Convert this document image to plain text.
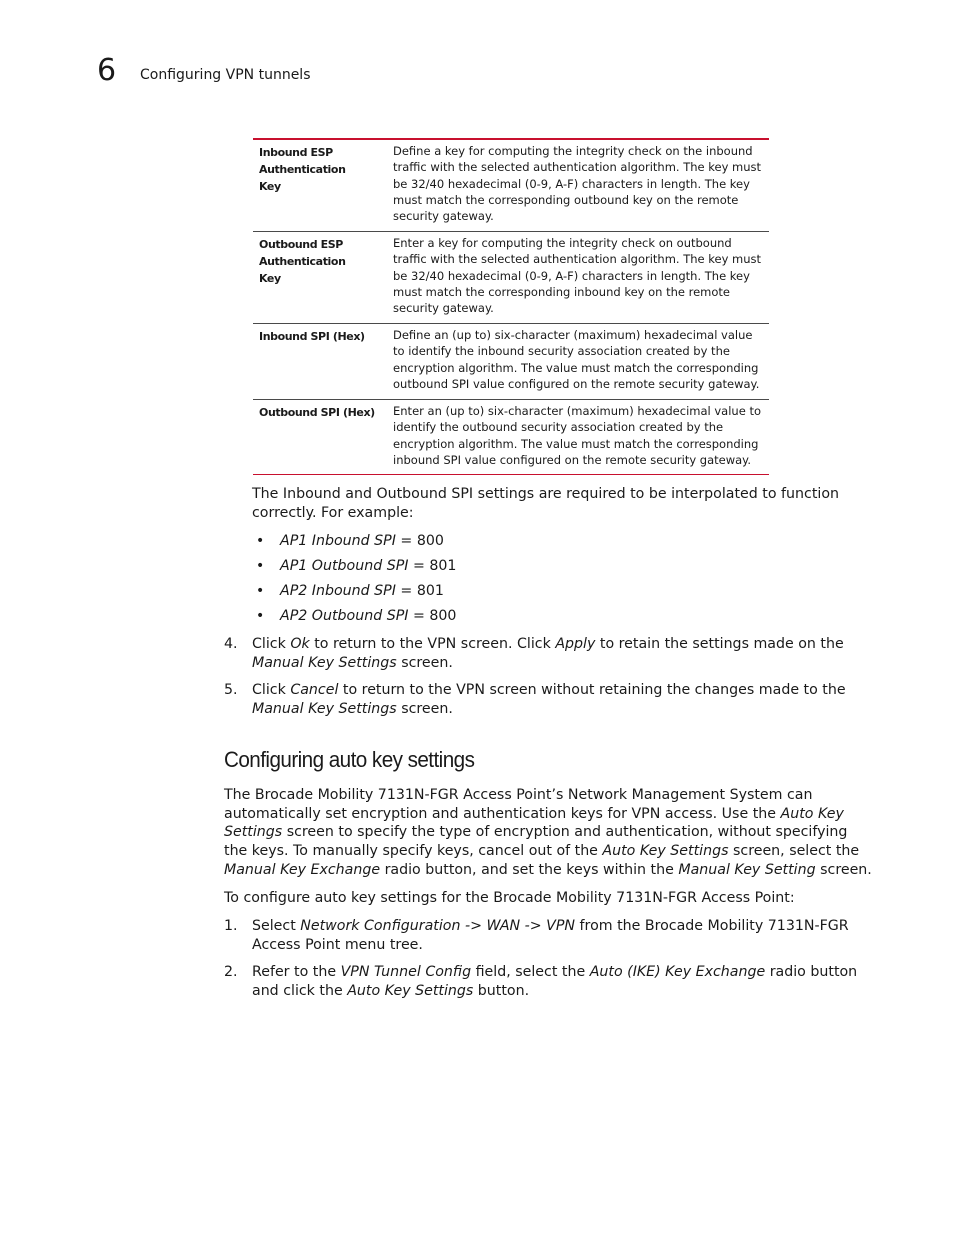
6 Configuring VPN tunnels
Inbound ESP Authentication Key
Define a key for computing the integrity check on the inbound traffic with the selected authentication algorithm. The key must be 32/40 hexadecimal (0-9, A-F) characters in length. The key must match the corresponding outbound key on the remote security gateway.
Outbound ESP Authentication Key
Enter a key for computing the integrity check on outbound traffic with the selected authentication algorithm. The key must be 32/40 hexadecimal (0-9, A-F) characters in length. The key must match the corresponding inbound key on the remote security gateway.
Inbound SPI (Hex)	Define an (up to) six-character (maximum) hexadecimal value to identify the inbound security association created by the encryption algorithm. The value must match the corresponding outbound SPI value configured on the remote security gateway.
Outbound SPI (Hex)	Enter an (up to) six-character (maximum) hexadecimal value to identify the outbound security association created by the encryption algorithm. The value must match the corresponding inbound SPI value configured on the remote security gateway.

The Inbound and Outbound SPI settings are required to be interpolated to function correctly. For example:

• AP1 Inbound SPI = 800
• AP1 Outbound SPI = 801
• AP2 Inbound SPI = 801
• AP2 Outbound SPI = 800
4. Click Ok to return to the VPN screen. Click Apply to retain the settings made on the Manual Key Settings screen.
5. Click Cancel to return to the VPN screen without retaining the changes made to the Manual Key Settings screen.
Configuring auto key settings

The Brocade Mobility 7131N-FGR Access Point’s Network Management System can automatically set encryption and authentication keys for VPN access. Use the Auto Key Settings screen to specify the type of encryption and authentication, without specifying the keys. To manually specify keys, cancel out of the Auto Key Settings screen, select the Manual Key Exchange radio button, and set the keys within the Manual Key Setting screen.

To configure auto key settings for the Brocade Mobility 7131N-FGR Access Point:

1. Select Network Configuration -> WAN -> VPN from the Brocade Mobility 7131N-FGR Access Point menu tree.
2. Refer to the VPN Tunnel Config field, select the Auto (IKE) Key Exchange radio button and click the Auto Key Settings button.
